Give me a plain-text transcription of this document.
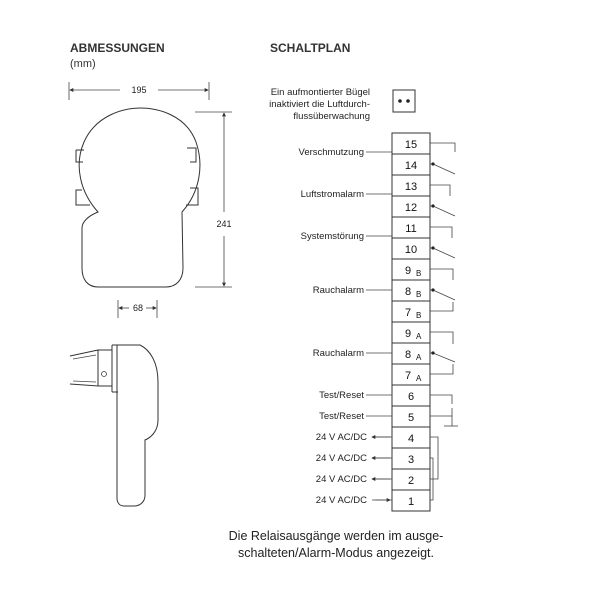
ABMESSUNGEN
(mm)
SCHALTPLAN
195
241
68
Ein aufmontierter Bügel
inaktiviert die Luftdurch-
flussüberwachung
15
14
13
12
11
10
9 B
8 B
7 B
9 A
8 A
7 A
6
5
4
3
2
1
Verschmutzung
Luftstromalarm
Systemstörung
Rauchalarm
Rauchalarm
Test/Reset
Test/Reset
24 V AC/DC
24 V AC/DC
24 V AC/DC
24 V AC/DC
Die Relaisausgänge werden im ausge-
schalteten/Alarm-Modus angezeigt.
